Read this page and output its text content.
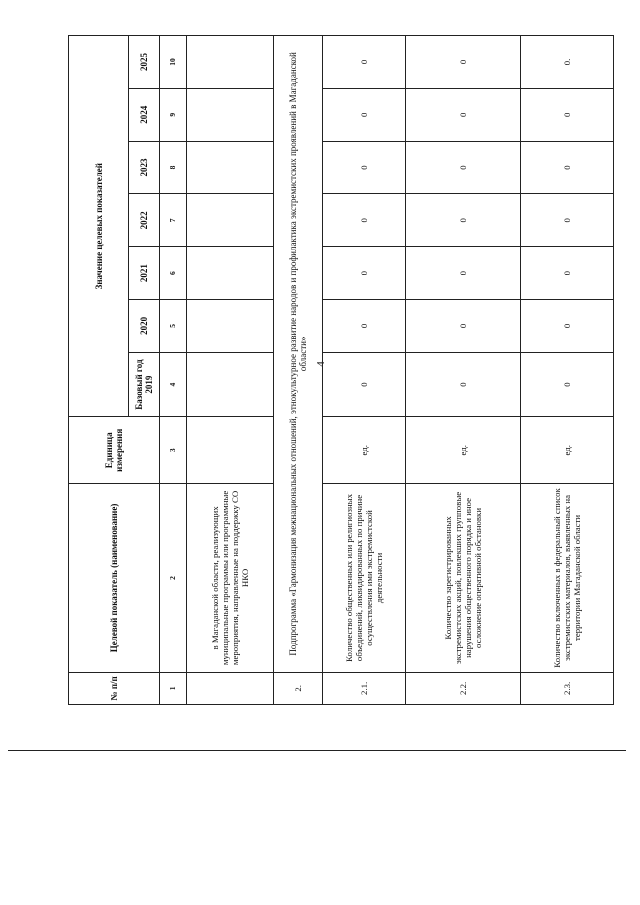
4
№ п/п	Целевой показатель (наименование)	Единица измерения	Значение целевых показателей						
			Базовый год 2019	2020	2021	2022	2023	2024	2025
1	2	3	4	5	6	7	8	9	10
	в Магаданской области, реализующих муниципальные программы или программные мероприятия, направленные на поддержку СО НКО								
2.	Подпрограмма «Гармонизация межнациональных отношений, этнокультурное развитие народов и профилактика экстремистских проявлений в Магаданской области»								
2.1.	Количество общественных или религиозных объединений, ликвидированных по причине осуществления ими экстремистской деятельности	ед.	0	0	0	0	0	0	0
2.2.	Количество зарегистрированных экстремистских акций, повлекших групповые нарушения общественного порядка и иное осложнение оперативной обстановки	ед.	0	0	0	0	0	0	0
2.3.	Количество включенных в федеральный список экстремистских материалов, выявленных на территории Магаданской области	ед.	0	0	0	0	0	0	0.
